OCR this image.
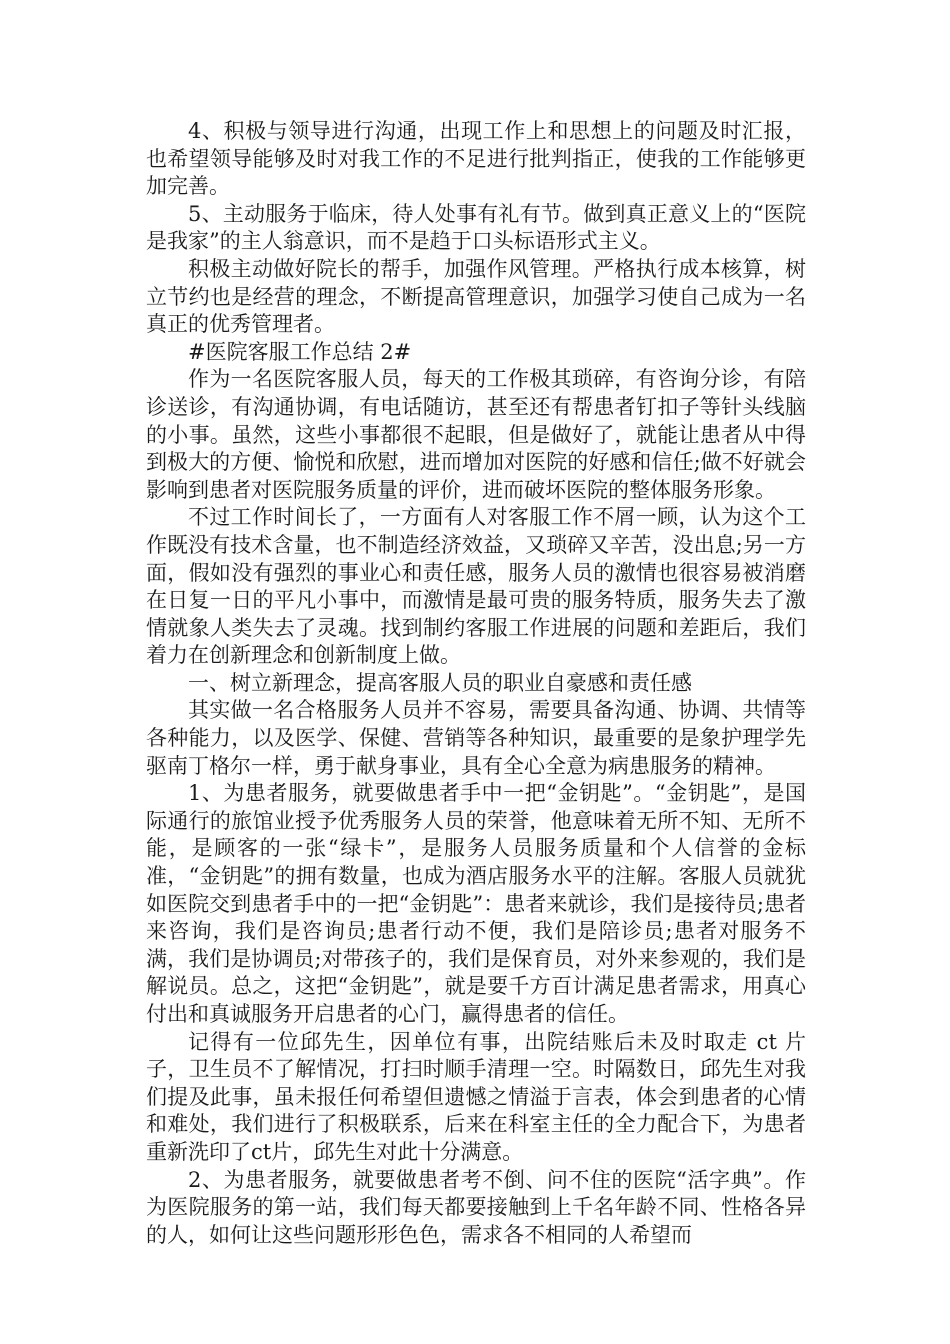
4、积极与领导进行沟通，出现工作上和思想上的问题及时汇报，也希望领导能够及时对我工作的不足进行批判指正，使我的工作能够更加完善。

5、主动服务于临床，待人处事有礼有节。做到真正意义上的“医院是我家”的主人翁意识，而不是趋于口头标语形式主义。

积极主动做好院长的帮手，加强作风管理。严格执行成本核算，树立节约也是经营的理念，不断提高管理意识，加强学习使自己成为一名真正的优秀管理者。

#医院客服工作总结 2#

作为一名医院客服人员，每天的工作极其琐碎，有咨询分诊，有陪诊送诊，有沟通协调，有电话随访，甚至还有帮患者钉扣子等针头线脑的小事。虽然，这些小事都很不起眼，但是做好了，就能让患者从中得到极大的方便、愉悦和欣慰，进而增加对医院的好感和信任;做不好就会影响到患者对医院服务质量的评价，进而破坏医院的整体服务形象。

不过工作时间长了，一方面有人对客服工作不屑一顾，认为这个工作既没有技术含量，也不制造经济效益，又琐碎又辛苦，没出息;另一方面，假如没有强烈的事业心和责任感，服务人员的激情也很容易被消磨在日复一日的平凡小事中，而激情是最可贵的服务特质，服务失去了激情就象人类失去了灵魂。找到制约客服工作进展的问题和差距后，我们着力在创新理念和创新制度上做。

一、树立新理念，提高客服人员的职业自豪感和责任感

其实做一名合格服务人员并不容易，需要具备沟通、协调、共情等各种能力，以及医学、保健、营销等各种知识，最重要的是象护理学先驱南丁格尔一样，勇于献身事业，具有全心全意为病患服务的精神。

1、为患者服务，就要做患者手中一把“金钥匙”。“金钥匙”，是国际通行的旅馆业授予优秀服务人员的荣誉，他意味着无所不知、无所不能，是顾客的一张“绿卡”，是服务人员服务质量和个人信誉的金标准，“金钥匙”的拥有数量，也成为酒店服务水平的注解。客服人员就犹如医院交到患者手中的一把“金钥匙”：患者来就诊，我们是接待员;患者来咨询，我们是咨询员;患者行动不便，我们是陪诊员;患者对服务不满，我们是协调员;对带孩子的，我们是保育员，对外来参观的，我们是解说员。总之，这把“金钥匙”，就是要千方百计满足患者需求，用真心付出和真诚服务开启患者的心门，赢得患者的信任。

记得有一位邱先生，因单位有事，出院结账后未及时取走 ct 片子，卫生员不了解情况，打扫时顺手清理一空。时隔数日，邱先生对我们提及此事，虽未报任何希望但遗憾之情溢于言表，体会到患者的心情和难处，我们进行了积极联系，后来在科室主任的全力配合下，为患者重新洗印了ct片，邱先生对此十分满意。

2、为患者服务，就要做患者考不倒、问不住的医院“活字典”。作为医院服务的第一站，我们每天都要接触到上千名年龄不同、性格各异的人，如何让这些问题形形色色，需求各不相同的人希望而
